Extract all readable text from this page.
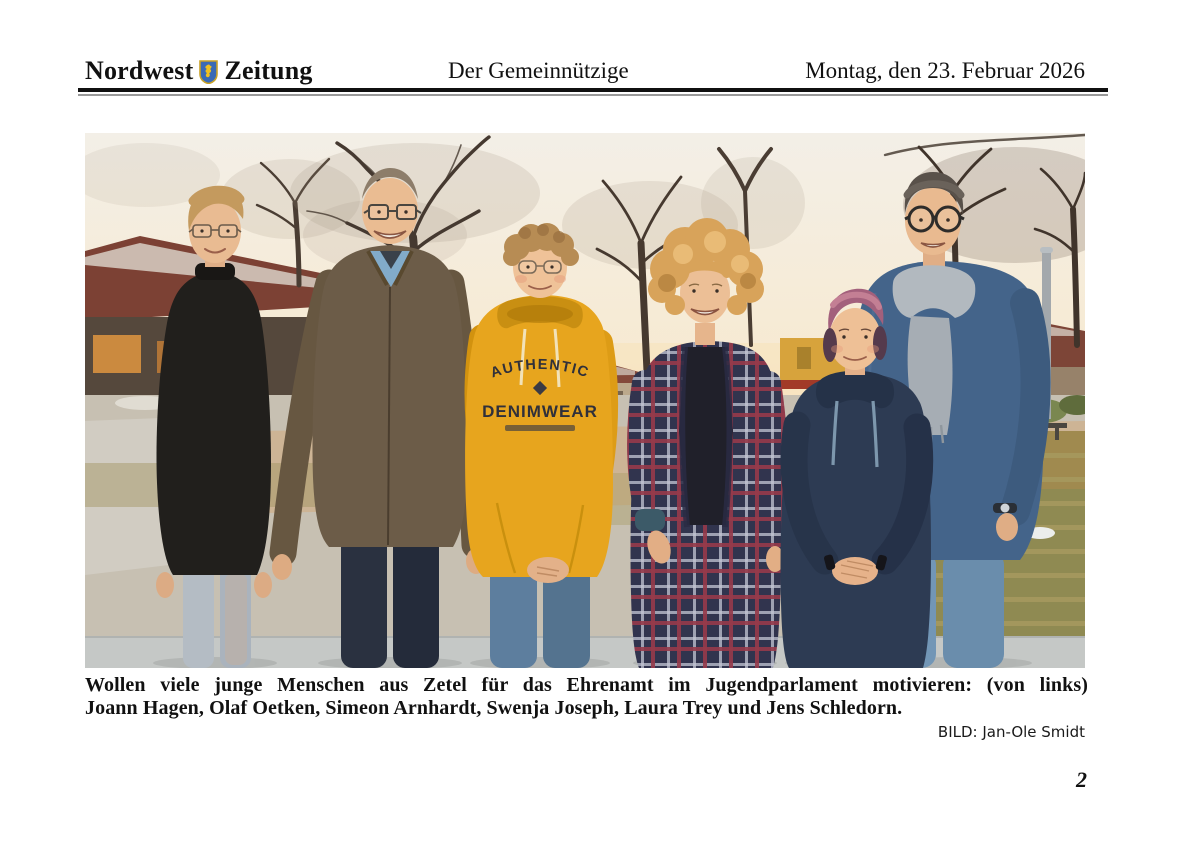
Nordwest Zeitung	Der Gemeinnützige	Montag, den 23. Februar 2026
AUTHENTIC
DENIMWEAR
Wollen viele junge Menschen aus Zetel für das Ehrenamt im Jugendparlament motivieren: (von links)
Joann Hagen, Olaf Oetken, Simeon Arnhardt, Swenja Joseph, Laura Trey und Jens Schledorn.
BILD: Jan-Ole Smidt
2
